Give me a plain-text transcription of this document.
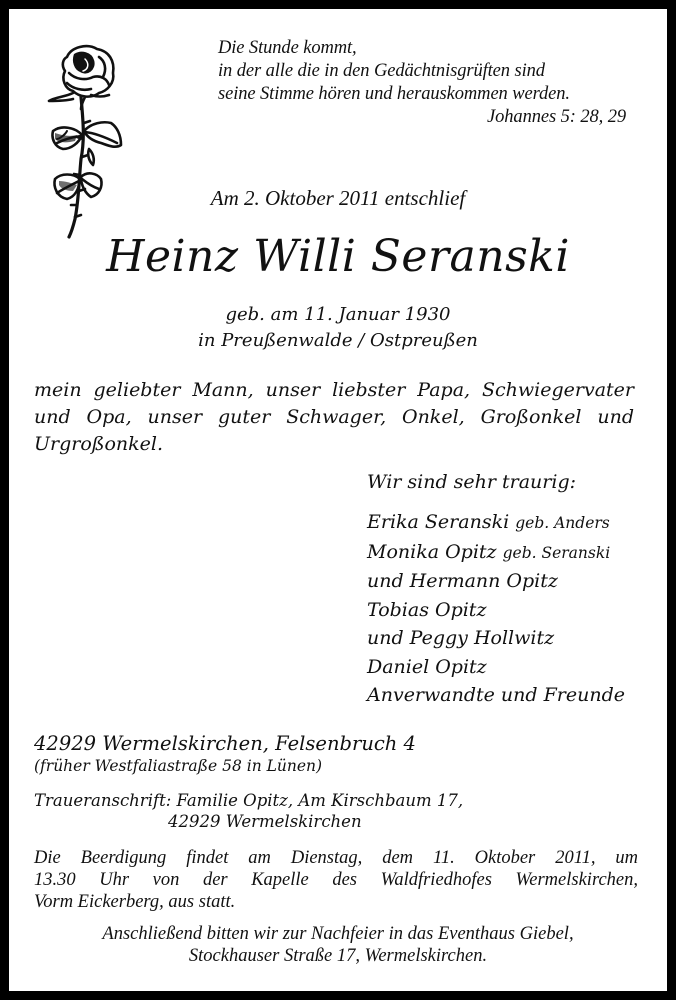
Die Stunde kommt,
in der alle die in den Gedächtnisgrüften sind
seine Stimme hören und herauskommen werden.
Johannes 5: 28, 29

Am 2. Oktober 2011 entschlief

Heinz Willi Seranski
geb. am 11. Januar 1930
in Preußenwalde / Ostpreußen
mein geliebter Mann, unser liebster Papa, Schwiegervater
und Opa, unser guter Schwager, Onkel, Großonkel und
Urgroßonkel.

Wir sind sehr traurig:

Erika Seranski geb. Anders
Monika Opitz geb. Seranski
und Hermann Opitz
Tobias Opitz
und Peggy Hollwitz
Daniel Opitz
Anverwandte und Freunde

42929 Wermelskirchen, Felsenbruch 4

(früher Westfaliastraße 58 in Lünen)

Traueranschrift: Familie Opitz, Am Kirschbaum 17,
42929 Wermelskirchen
Die Beerdigung findet am Dienstag, dem 11. Oktober 2011, um
13.30 Uhr von der Kapelle des Waldfriedhofes Wermelskirchen,
Vorm Eickerberg, aus statt.
Anschließend bitten wir zur Nachfeier in das Eventhaus Giebel,
Stockhauser Straße 17, Wermelskirchen.
